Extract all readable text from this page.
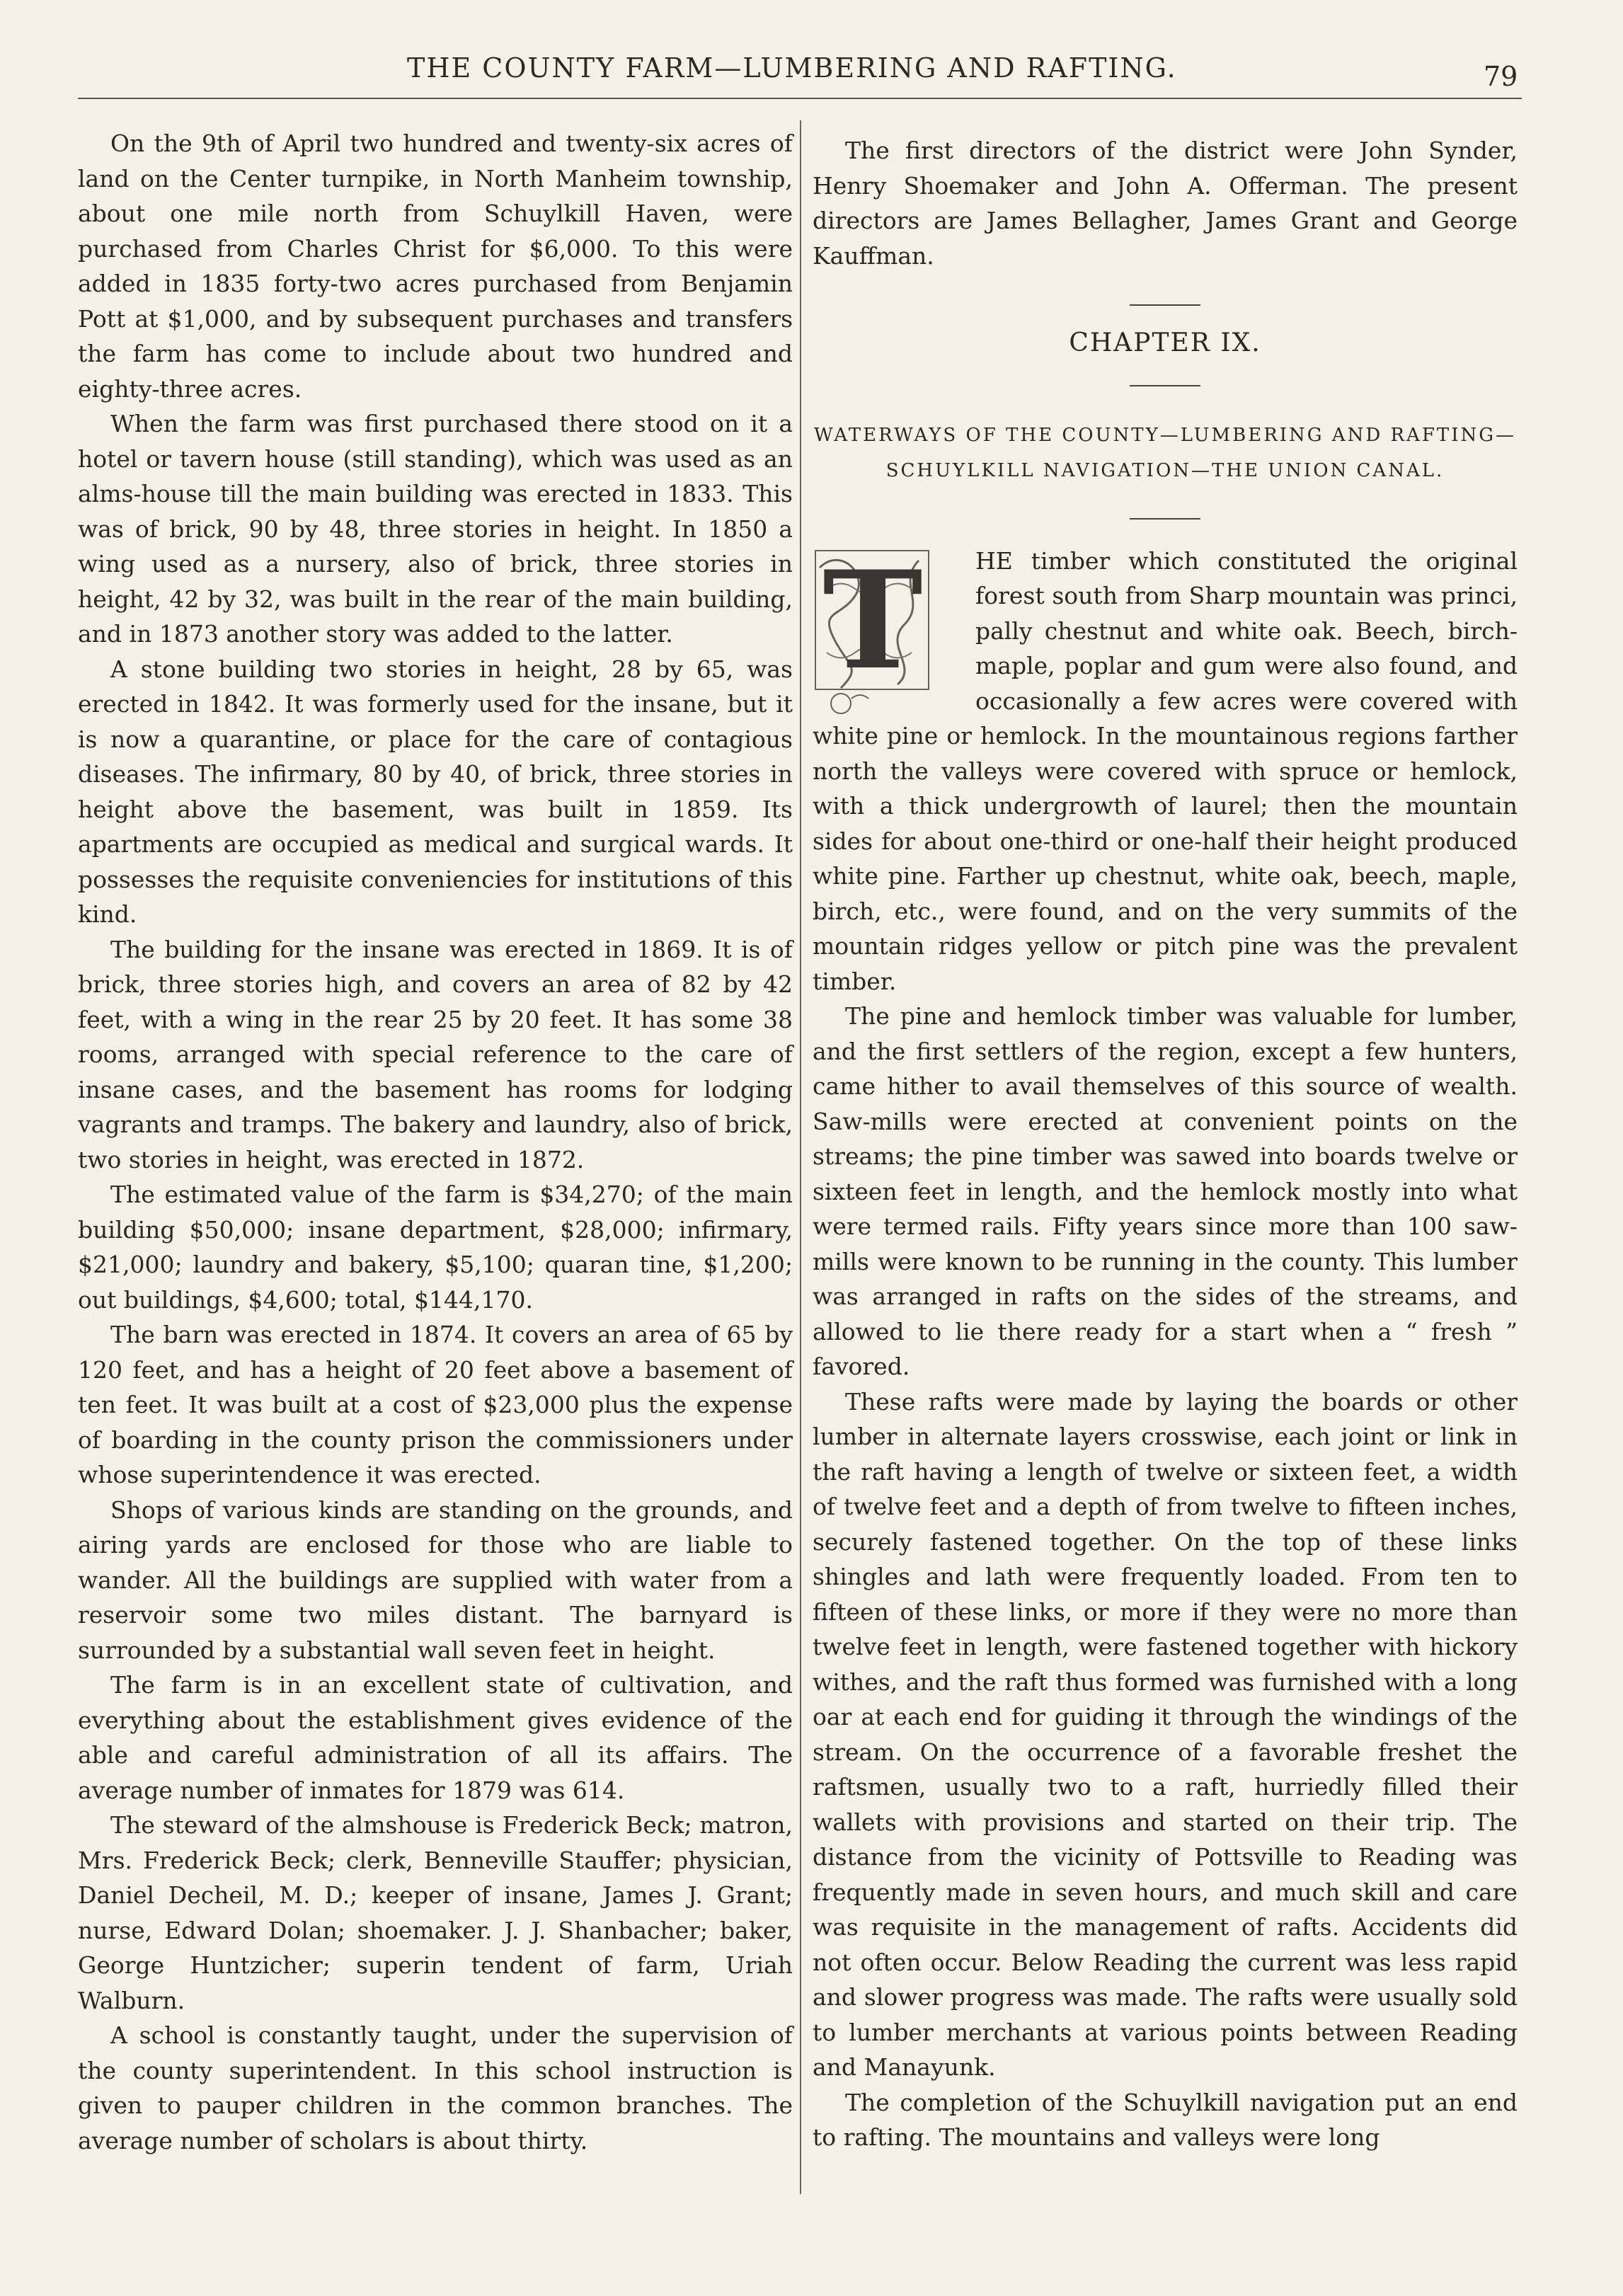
THE COUNTY FARM—LUMBERING AND RAFTING.	79

On the 9th of April two hundred and twenty-six acres of land on the Center turnpike, in North Manheim township, about one mile north from Schuylkill Haven, were purchased from Charles Christ for $6,000. To this were added in 1835 forty-two acres purchased from Benjamin Pott at $1,000, and by subsequent purchases and transfers the farm has come to include about two hundred and eighty-three acres.

When the farm was first purchased there stood on it a hotel or tavern house (still standing), which was used as an alms-house till the main building was erected in 1833. This was of brick, 90 by 48, three stories in height. In 1850 a wing used as a nursery, also of brick, three stories in height, 42 by 32, was built in the rear of the main building, and in 1873 another story was added to the latter.

A stone building two stories in height, 28 by 65, was erected in 1842. It was formerly used for the insane, but it is now a quarantine, or place for the care of contagious diseases. The infirmary, 80 by 40, of brick, three stories in height above the basement, was built in 1859. Its apartments are occupied as medical and surgical wards. It possesses the requisite conveniencies for institutions of this kind.

The building for the insane was erected in 1869. It is of brick, three stories high, and covers an area of 82 by 42 feet, with a wing in the rear 25 by 20 feet. It has some 38 rooms, arranged with special reference to the care of insane cases, and the basement has rooms for lodging vagrants and tramps. The bakery and laundry, also of brick, two stories in height, was erected in 1872.

The estimated value of the farm is $34,270; of the main building $50,000; insane department, $28,000; infirmary, $21,000; laundry and bakery, $5,100; quaran tine, $1,200; out buildings, $4,600; total, $144,170.

The barn was erected in 1874. It covers an area of 65 by 120 feet, and has a height of 20 feet above a basement of ten feet. It was built at a cost of $23,000 plus the expense of boarding in the county prison the commissioners under whose superintendence it was erected.

Shops of various kinds are standing on the grounds, and airing yards are enclosed for those who are liable to wander. All the buildings are supplied with water from a reservoir some two miles distant. The barnyard is surrounded by a substantial wall seven feet in height.

The farm is in an excellent state of cultivation, and everything about the establishment gives evidence of the able and careful administration of all its affairs. The average number of inmates for 1879 was 614.

The steward of the almshouse is Frederick Beck; matron, Mrs. Frederick Beck; clerk, Benneville Stauffer; physician, Daniel Decheil, M. D.; keeper of insane, James J. Grant; nurse, Edward Dolan; shoemaker. J. J. Shanbacher; baker, George Huntzicher; superin tendent of farm, Uriah Walburn.

A school is constantly taught, under the supervision of the county superintendent. In this school instruction is given to pauper children in the common branches. The average number of scholars is about thirty.

The first directors of the district were John Synder, Henry Shoemaker and John A. Offerman. The present directors are James Bellagher, James Grant and George Kauffman.

CHAPTER IX.
WATERWAYS OF THE COUNTY—LUMBERING AND RAFTING—SCHUYLKILL NAVIGATION—THE UNION CANAL.

T	HE timber which constituted the original forest south from Sharp mountain was princi, pally chestnut and white oak. Beech, birch-maple, poplar and gum were also found, and occasionally a few acres were covered with white pine or hemlock. In the mountainous regions farther north the valleys were covered with spruce or hemlock, with a thick undergrowth of laurel; then the mountain sides for about one-third or one-half their height produced white pine. Farther up chestnut, white oak, beech, maple, birch, etc., were found, and on the very summits of the mountain ridges yellow or pitch pine was the prevalent timber.

The pine and hemlock timber was valuable for lumber, and the first settlers of the region, except a few hunters, came hither to avail themselves of this source of wealth. Saw-mills were erected at convenient points on the streams; the pine timber was sawed into boards twelve or sixteen feet in length, and the hemlock mostly into what were termed rails. Fifty years since more than 100 saw-mills were known to be running in the county. This lumber was arranged in rafts on the sides of the streams, and allowed to lie there ready for a start when a “ fresh ” favored.

These rafts were made by laying the boards or other lumber in alternate layers crosswise, each joint or link in the raft having a length of twelve or sixteen feet, a width of twelve feet and a depth of from twelve to fifteen inches, securely fastened together. On the top of these links shingles and lath were frequently loaded. From ten to fifteen of these links, or more if they were no more than twelve feet in length, were fastened together with hickory withes, and the raft thus formed was furnished with a long oar at each end for guiding it through the windings of the stream. On the occurrence of a favorable freshet the raftsmen, usually two to a raft, hurriedly filled their wallets with provisions and started on their trip. The distance from the vicinity of Pottsville to Reading was frequently made in seven hours, and much skill and care was requisite in the management of rafts. Accidents did not often occur. Below Reading the current was less rapid and slower progress was made. The rafts were usually sold to lumber merchants at various points between Reading and Manayunk.

The completion of the Schuylkill navigation put an end to rafting. The mountains and valleys were long
